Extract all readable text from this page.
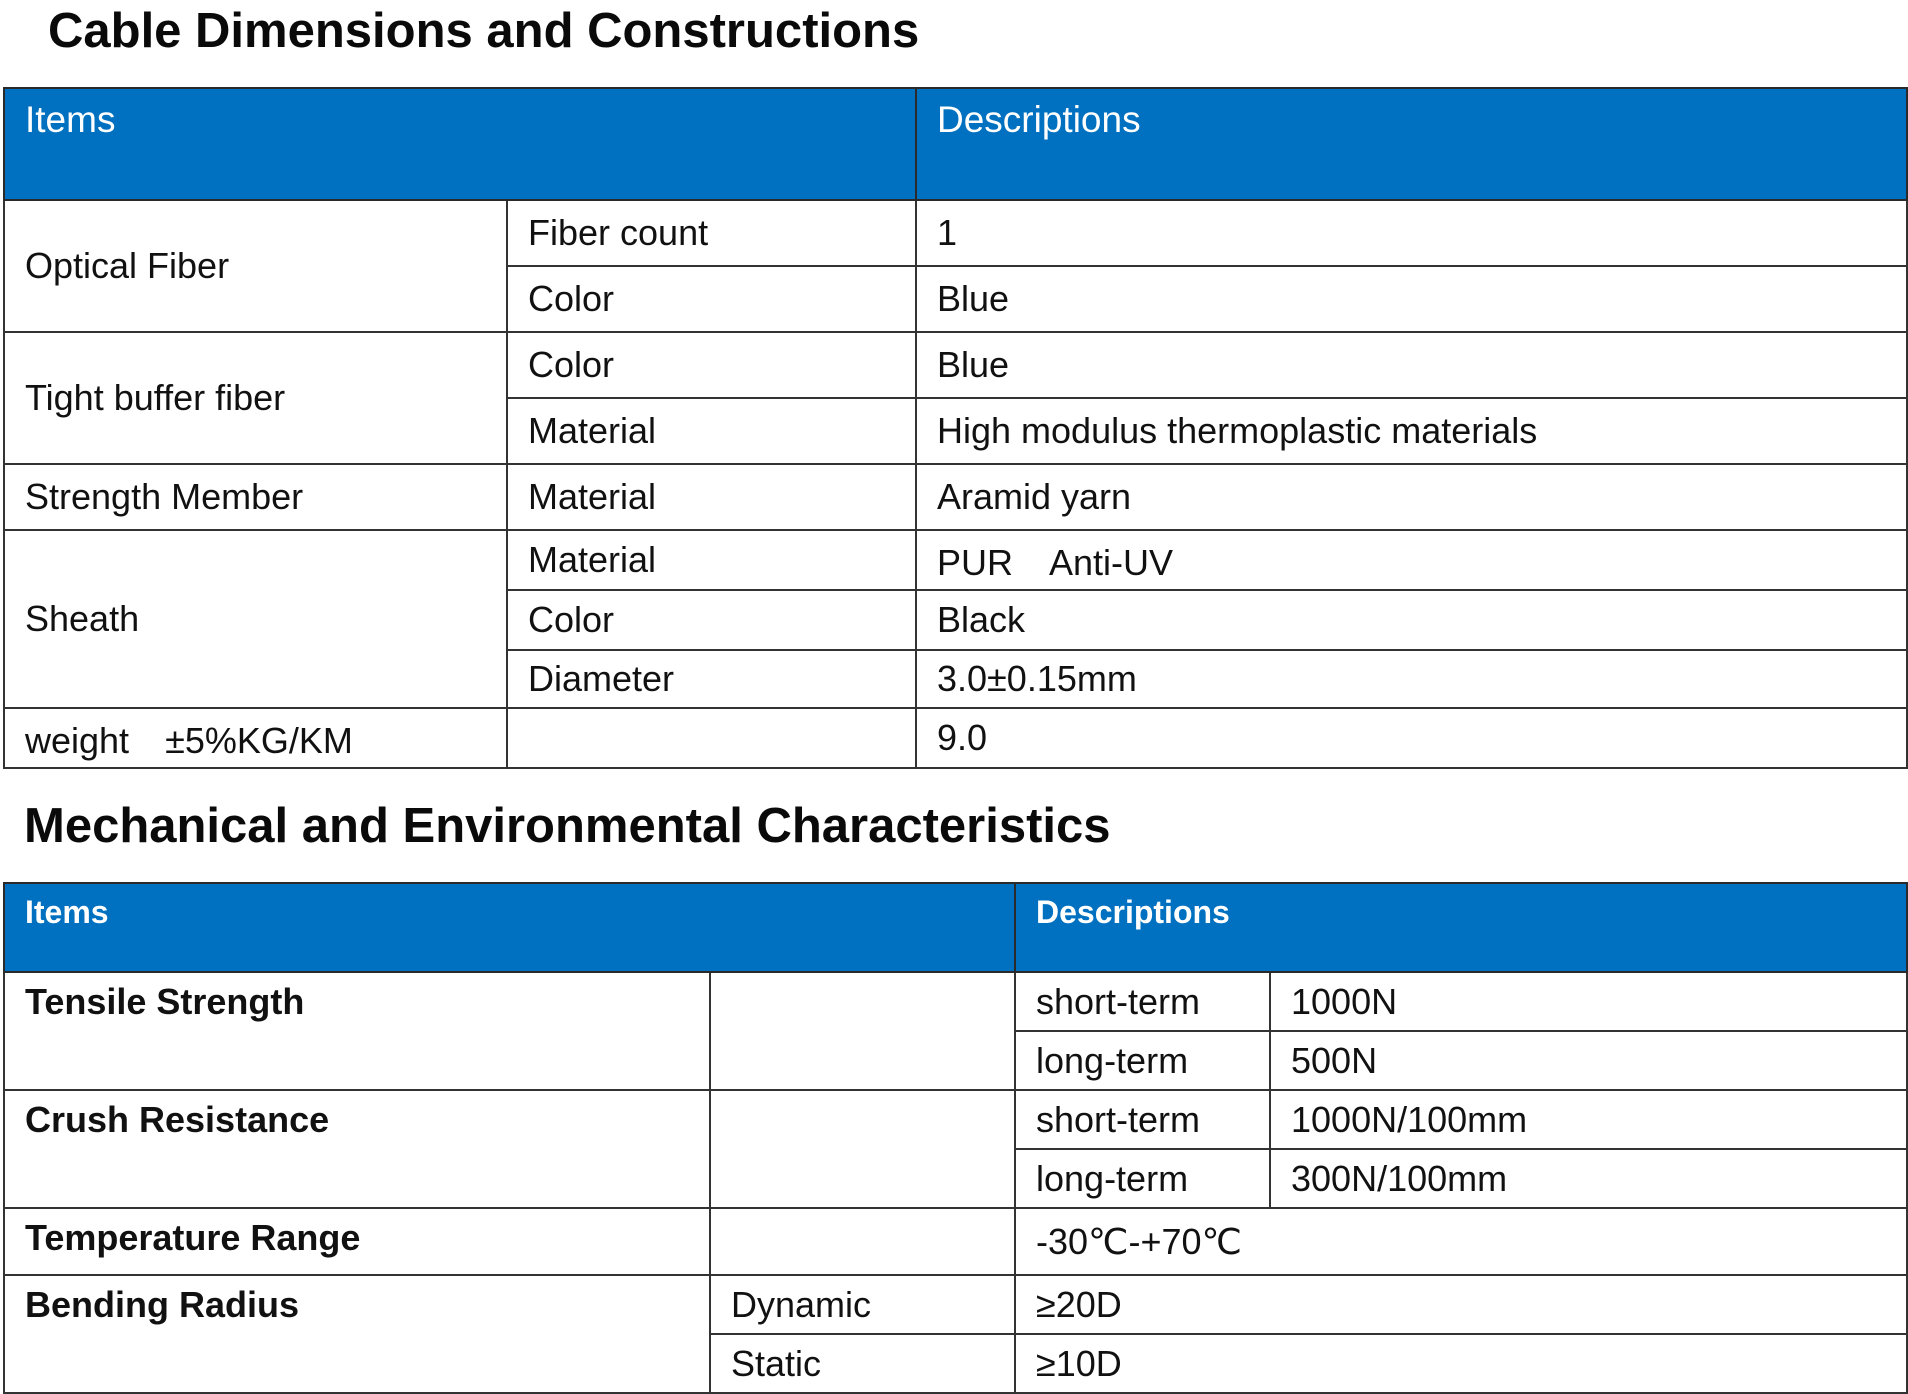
Cable Dimensions and Constructions
Items		Descriptions
Optical Fiber	Fiber count	1
	Color	Blue
Tight buffer fiber	Color	Blue
	Material	High modulus thermoplastic materials
Strength Member	Material	Aramid yarn
Sheath	Material	PUR　Anti-UV
	Color	Black
	Diameter	3.0±0.15mm
weight　±5%KG/KM		9.0
Mechanical and Environmental Characteristics
Items		Descriptions	
Tensile Strength		short-term	1000N
		long-term	500N
Crush Resistance		short-term	1000N/100mm
		long-term	300N/100mm
Temperature Range		-30℃-+70℃	
Bending Radius	Dynamic	≥20D	
	Static	≥10D	
